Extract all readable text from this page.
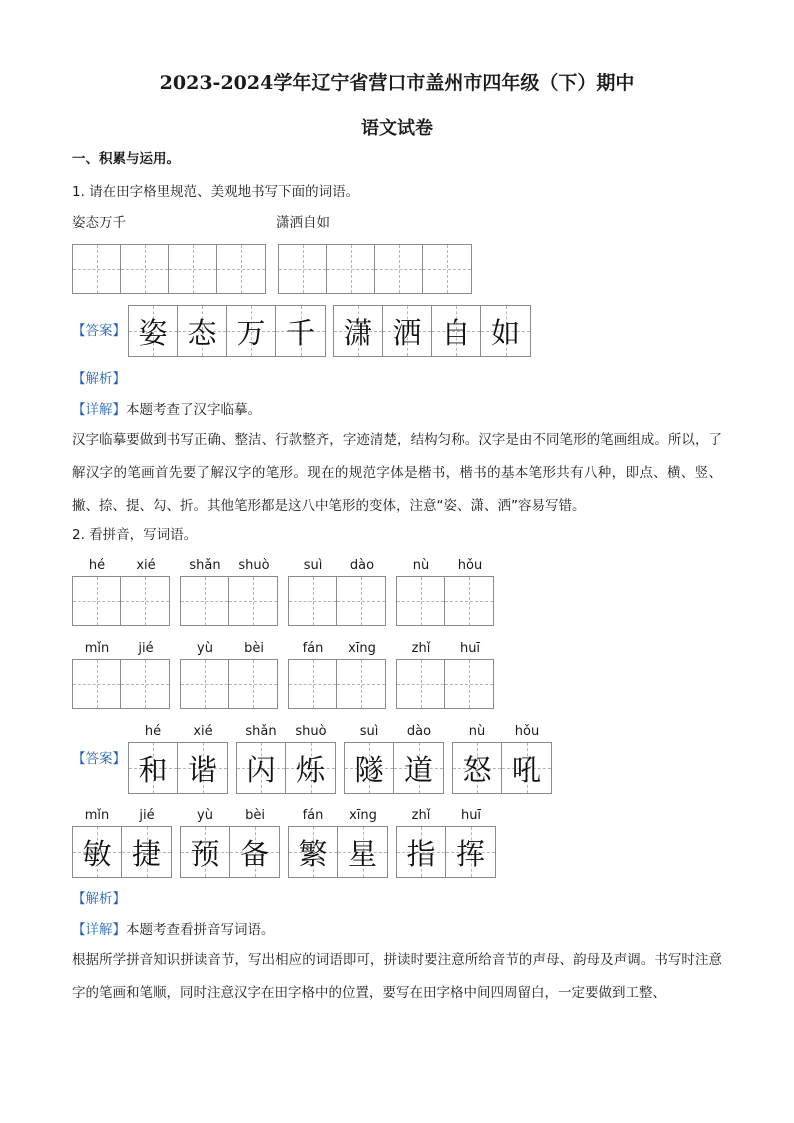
2023-2024学年辽宁省营口市盖州市四年级（下）期中
语文试卷
一、积累与运用。
1. 请在田字格里规范、美观地书写下面的词语。
姿态万千	潇洒自如
【答案】 姿 态 万 千 潇 洒 自 如
【解析】
【详解】本题考查了汉字临摹。
汉字临摹要做到书写正确、整洁、行款整齐，字迹清楚，结构匀称。汉字是由不同笔形的笔画组成。所以，了解汉字的笔画首先要了解汉字的笔形。现在的规范字体是楷书，楷书的基本笔形共有八种，即点、横、竖、撇、捺、提、勾、折。其他笔形都是这八中笔形的变体，注意“姿、潇、洒”容易写错。
2. 看拼音，写词语。
hé	xié	shǎn	shuò	suì	dào	nù	hǒu
mǐn	jié	yù	bèi	fán	xīng	zhǐ	huī
【答案】
hé	xié
和 谐
shǎn	shuò
闪 烁
suì	dào
隧 道
nù	hǒu
怒 吼
mǐn	jié
敏 捷
yù	bèi
预 备
fán	xīng
繁 星
zhǐ	huī
指 挥
【解析】
【详解】本题考查看拼音写词语。
根据所学拼音知识拼读音节，写出相应的词语即可，拼读时要注意所给音节的声母、韵母及声调。书写时注意字的笔画和笔顺，同时注意汉字在田字格中的位置，要写在田字格中间四周留白，一定要做到工整、
